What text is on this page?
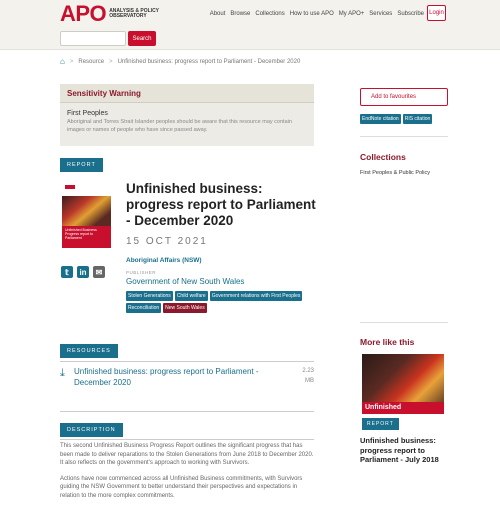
APO ANALYSIS & POLICY OBSERVATORY	About Browse Collections How to use APO My APO+ Services Subscribe Login
Search
⌂ > Resource > Unfinished business: progress report to Parliament - December 2020
Sensitivity Warning
First Peoples
Aboriginal and Torres Strait Islander peoples should be aware that this resource may contain images or names of people who have since passed away.
REPORT
Unfinished Business
Progress report to Parliament
Unfinished business: progress report to Parliament - December 2020
15 OCT 2021
Aboriginal Affairs (NSW)
PUBLISHER
Government of New South Wales
𝕥	in	✉
Stolen Generations	Child welfare	Government relations with First Peoples
Reconciliation	New South Wales
RESOURCES
⤓ Unfinished business: progress report to Parliament - December 2020
2.23 MB
DESCRIPTION

This second Unfinished Business Progress Report outlines the significant progress that has been made to deliver reparations to the Stolen Generations from June 2018 to December 2020. It also reflects on the government's approach to working with Survivors.

Actions have now commenced across all Unfinished Business commitments, with Survivors guiding the NSW Government to better understand their perspectives and expectations in relation to the more complex commitments.

Add to favourites
EndNote citation	RIS citation
Collections
First Peoples & Public Policy
More like this
Unfinished
REPORT
Unfinished business: progress report to Parliament - July 2018
